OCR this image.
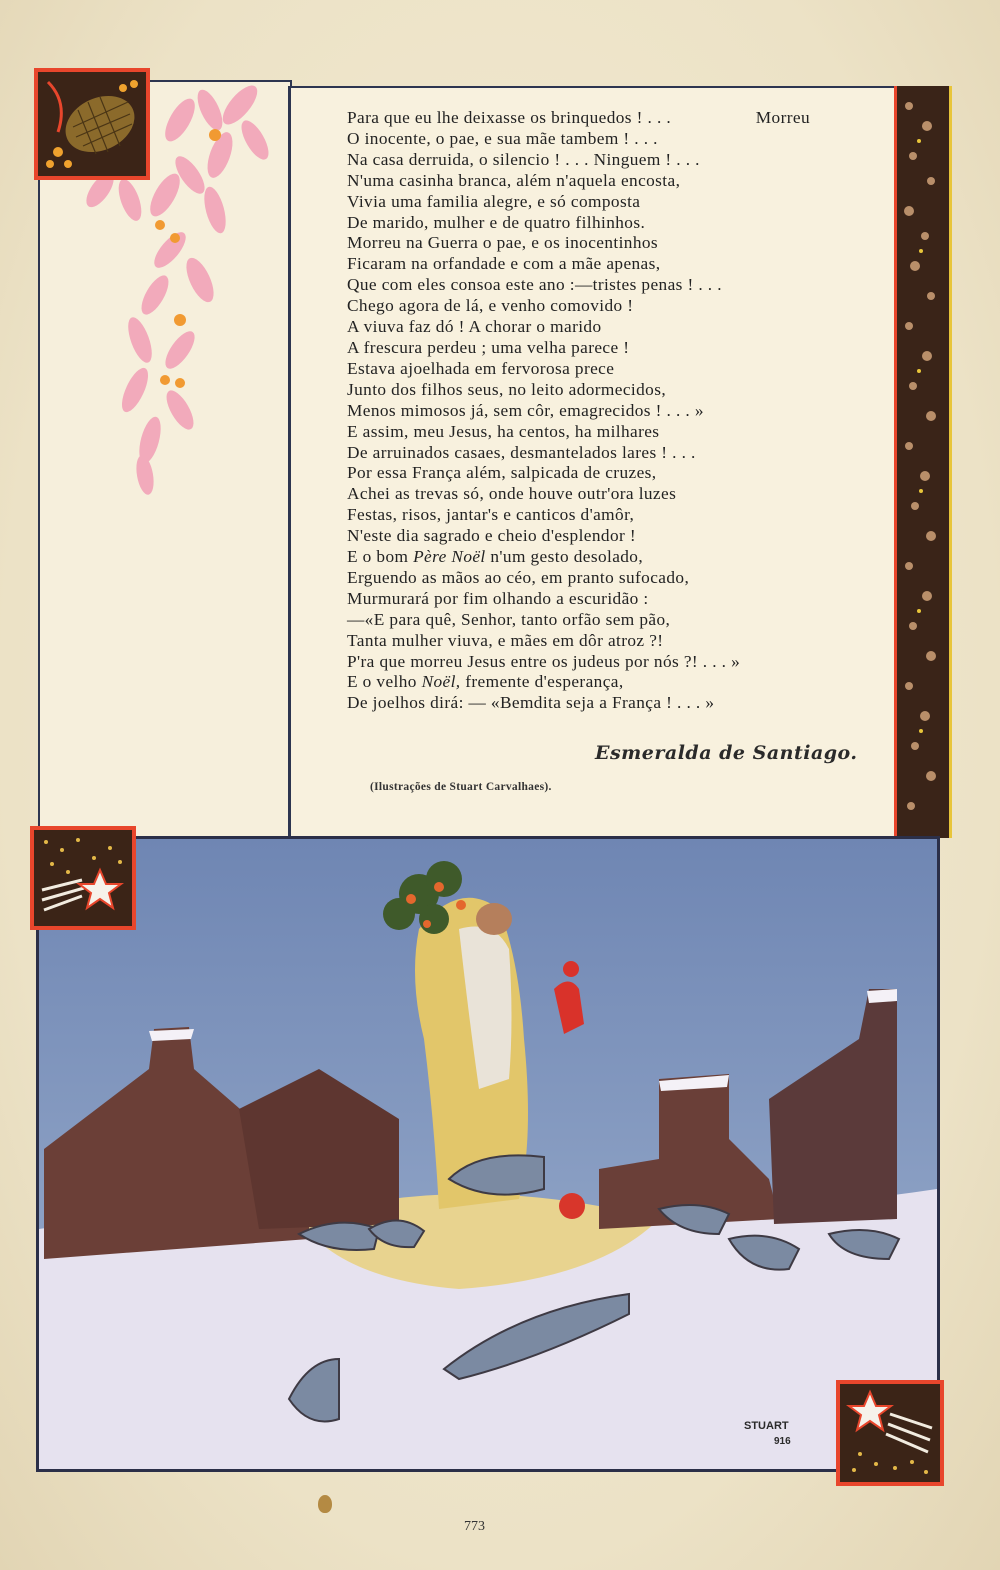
Para que eu lhe deixasse os brinquedos ! . . .	Morreu
O inocente, o pae, e sua mãe tambem ! . . .
Na casa derruida, o silencio ! . . . Ninguem ! . . .
N'uma casinha branca, além n'aquela encosta,
Vivia uma familia alegre, e só composta
De marido, mulher e de quatro filhinhos.
Morreu na Guerra o pae, e os inocentinhos
Ficaram na orfandade e com a mãe apenas,
Que com eles consoa este ano :—tristes penas ! . . .
Chego agora de lá, e venho comovido !
A viuva faz dó ! A chorar o marido
A frescura perdeu ; uma velha parece !
Estava ajoelhada em fervorosa prece
Junto dos filhos seus, no leito adormecidos,
Menos mimosos já, sem côr, emagrecidos ! . . . »
E assim, meu Jesus, ha centos, ha milhares
De arruinados casaes, desmantelados lares ! . . .
Por essa França além, salpicada de cruzes,
Achei as trevas só, onde houve outr'ora luzes
Festas, risos, jantar's e canticos d'amôr,
N'este dia sagrado e cheio d'esplendor !
E o bom Père Noël n'um gesto desolado,
Erguendo as mãos ao céo, em pranto sufocado,
Murmurará por fim olhando a escuridão :
—«E para quê, Senhor, tanto orfão sem pão,
Tanta mulher viuva, e mães em dôr atroz ?!
P'ra que morreu Jesus entre os judeus por nós ?! . . . »
E o velho Noël, fremente d'esperança,
De joelhos dirá: — «Bemdita seja a França ! . . . »
Esmeralda de Santiago.
(Ilustrações de Stuart Carvalhaes).
STUART
916
773
